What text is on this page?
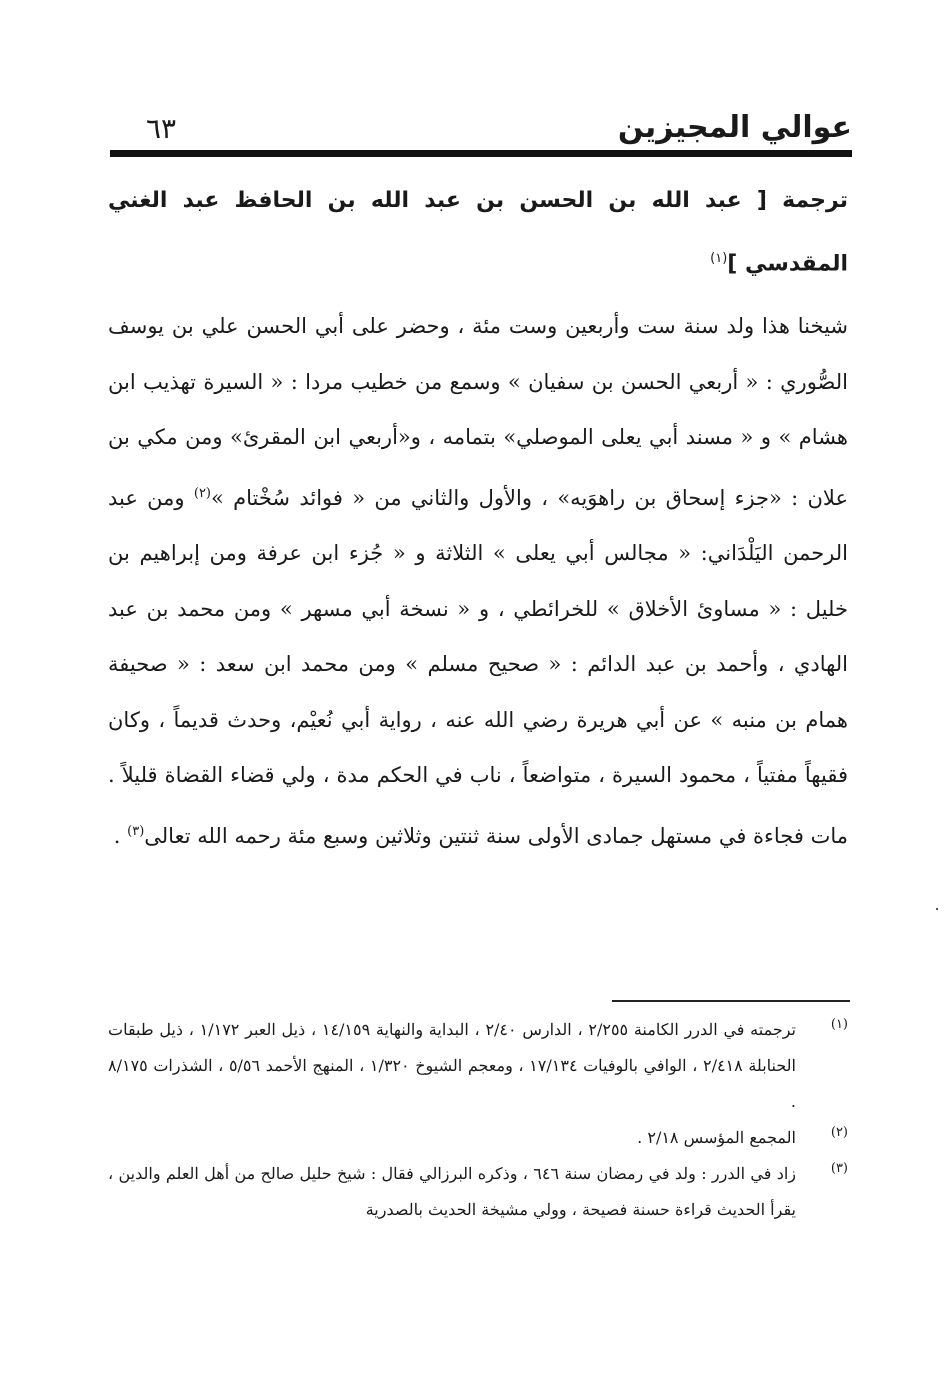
عوالي المجيزين
٦٣
ترجمة [ عبد الله بن الحسن بن عبد الله بن الحافظ عبد الغني المقدسي ]$^{(١)}$

شيخنا هذا ولد سنة ست وأربعين وست مئة ، وحضر على أبي الحسن علي بن يوسف الصُّوري : « أربعي الحسن بن سفيان » وسمع من خطيب مردا : « السيرة تهذيب ابن هشام » و « مسند أبي يعلى الموصلي» بتمامه ، و«أربعي ابن المقرئ» ومن مكي بن علان : «جزء إسحاق بن راهوَيه» ، والأول والثاني من « فوائد سُخْتام »$^{(٢)}$ ومن عبد الرحمن اليَلْدَاني: « مجالس أبي يعلى » الثلاثة و « جُزء ابن عرفة ومن إبراهيم بن خليل : « مساوئ الأخلاق » للخرائطي ، و « نسخة أبي مسهر » ومن محمد بن عبد الهادي ، وأحمد بن عبد الدائم : « صحيح مسلم » ومن محمد ابن سعد : « صحيفة همام بن منبه » عن أبي هريرة رضي الله عنه ، رواية أبي نُعيْم، وحدث قديماً ، وكان فقيهاً مفتياً ، محمود السيرة ، متواضعاً ، ناب في الحكم مدة ، ولي قضاء القضاة قليلاً . مات فجاءة في مستهل جمادى الأولى سنة ثنتين وثلاثين وسبع مئة رحمه الله تعالى$^{(٣)}$ .

(١)
ترجمته في الدرر الكامنة ٢/٢٥٥ ، الدارس ٢/٤٠ ، البداية والنهاية ١٤/١٥٩ ، ذيل العبر ١/١٧٢ ، ذيل طبقات الحنابلة ٢/٤١٨ ، الوافي بالوفيات ١٧/١٣٤ ، ومعجم الشيوخ ١/٣٢٠ ، المنهج الأحمد ٥/٥٦ ، الشذرات ٨/١٧٥ .

(٢)
المجمع المؤسس ٢/١٨ .

(٣)
زاد في الدرر : ولد في رمضان سنة ٦٤٦ ، وذكره البرزالي فقال : شيخ حليل صالح من أهل العلم والدين ، يقرأ الحديث قراءة حسنة فصيحة ، وولي مشيخة الحديث بالصدرية
